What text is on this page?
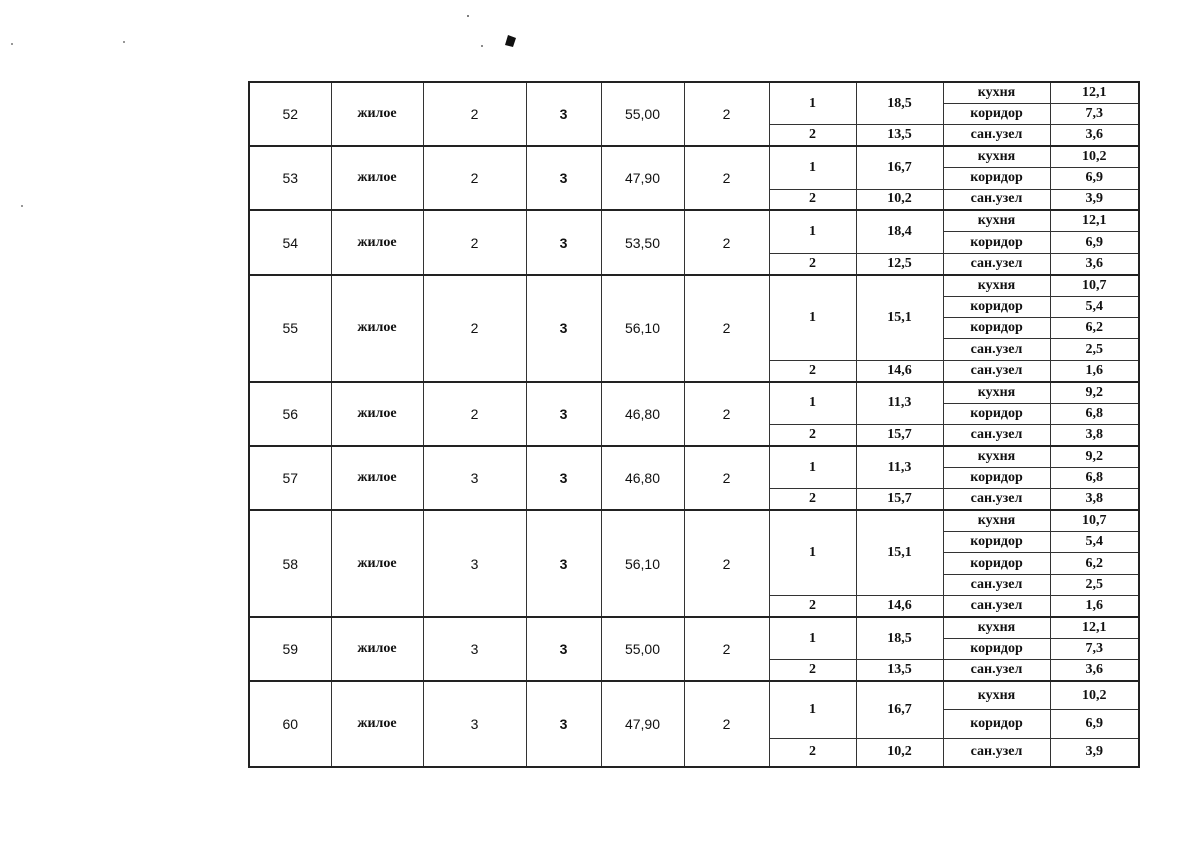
52	жилое	2	3	55,00	2	1	18,5	кухня	12,1
								коридор	7,3
						2	13,5	сан.узел	3,6
53	жилое	2	3	47,90	2	1	16,7	кухня	10,2
								коридор	6,9
						2	10,2	сан.узел	3,9
54	жилое	2	3	53,50	2	1	18,4	кухня	12,1
								коридор	6,9
						2	12,5	сан.узел	3,6
55	жилое	2	3	56,10	2	1	15,1	кухня	10,7
								коридор	5,4
								коридор	6,2
								сан.узел	2,5
						2	14,6	сан.узел	1,6
56	жилое	2	3	46,80	2	1	11,3	кухня	9,2
								коридор	6,8
						2	15,7	сан.узел	3,8
57	жилое	3	3	46,80	2	1	11,3	кухня	9,2
								коридор	6,8
						2	15,7	сан.узел	3,8
58	жилое	3	3	56,10	2	1	15,1	кухня	10,7
								коридор	5,4
								коридор	6,2
								сан.узел	2,5
						2	14,6	сан.узел	1,6
59	жилое	3	3	55,00	2	1	18,5	кухня	12,1
								коридор	7,3
						2	13,5	сан.узел	3,6
60	жилое	3	3	47,90	2	1	16,7	кухня	10,2
								коридор	6,9
						2	10,2	сан.узел	3,9
